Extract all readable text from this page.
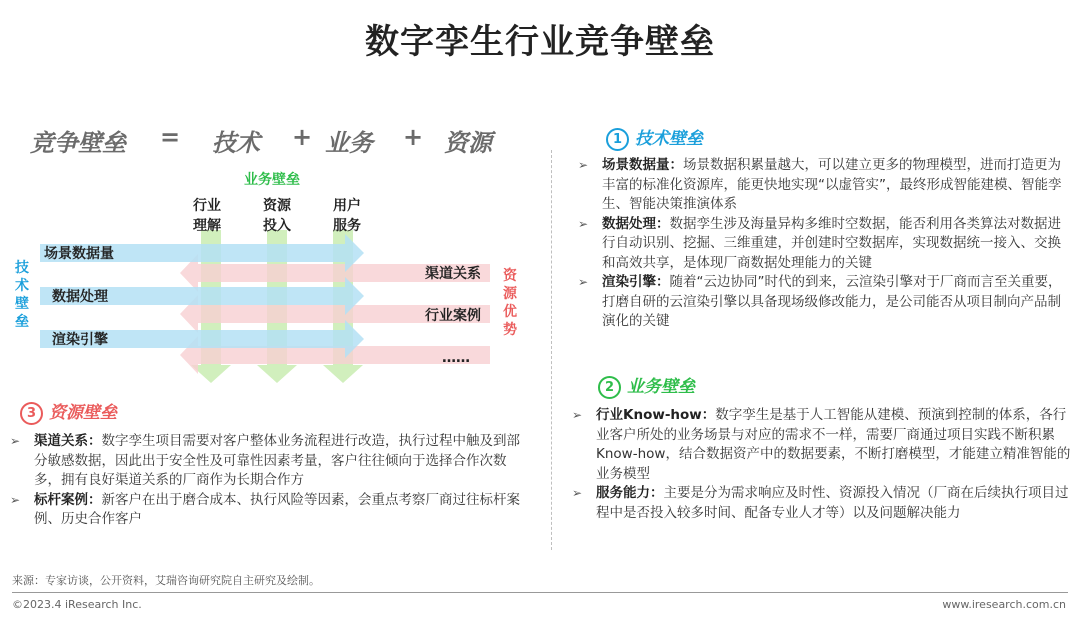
数字孪生行业竞争壁垒
竞争壁垒 = 技术 + 业务 + 资源
业务壁垒
行业
理解
资源
投入
用户
服务
场景数据量
数据处理
渲染引擎
渠道关系
行业案例
……
技
术
壁
垒
资
源
优
势
1 技术壁垒
➢ 场景数据量：场景数据积累量越大，可以建立更多的物理模型，进而打造更为丰富的标准化资源库，能更快地实现“以虚管实”，最终形成智能建模、智能孪生、智能决策推演体系
➢ 数据处理：数据孪生涉及海量异构多维时空数据，能否利用各类算法对数据进行自动识别、挖掘、三维重建，并创建时空数据库，实现数据统一接入、交换和高效共享，是体现厂商数据处理能力的关键
➢ 渲染引擎：随着“云边协同”时代的到来，云渲染引擎对于厂商而言至关重要，打磨自研的云渲染引擎以具备现场级修改能力，是公司能否从项目制向产品制演化的关键
2 业务壁垒
➢ 行业Know-how：数字孪生是基于人工智能从建模、预演到控制的体系，各行业客户所处的业务场景与对应的需求不一样，需要厂商通过项目实践不断积累Know-how，结合数据资产中的数据要素，不断打磨模型，才能建立精准智能的业务模型
➢ 服务能力：主要是分为需求响应及时性、资源投入情况（厂商在后续执行项目过程中是否投入较多时间、配备专业人才等）以及问题解决能力
3 资源壁垒
➢ 渠道关系：数字孪生项目需要对客户整体业务流程进行改造，执行过程中触及到部分敏感数据，因此出于安全性及可靠性因素考量，客户往往倾向于选择合作次数多，拥有良好渠道关系的厂商作为长期合作方
➢ 标杆案例：新客户在出于磨合成本、执行风险等因素，会重点考察厂商过往标杆案例、历史合作客户
来源：专家访谈，公开资料，艾瑞咨询研究院自主研究及绘制。
©2023.4 iResearch Inc.	www.iresearch.com.cn
